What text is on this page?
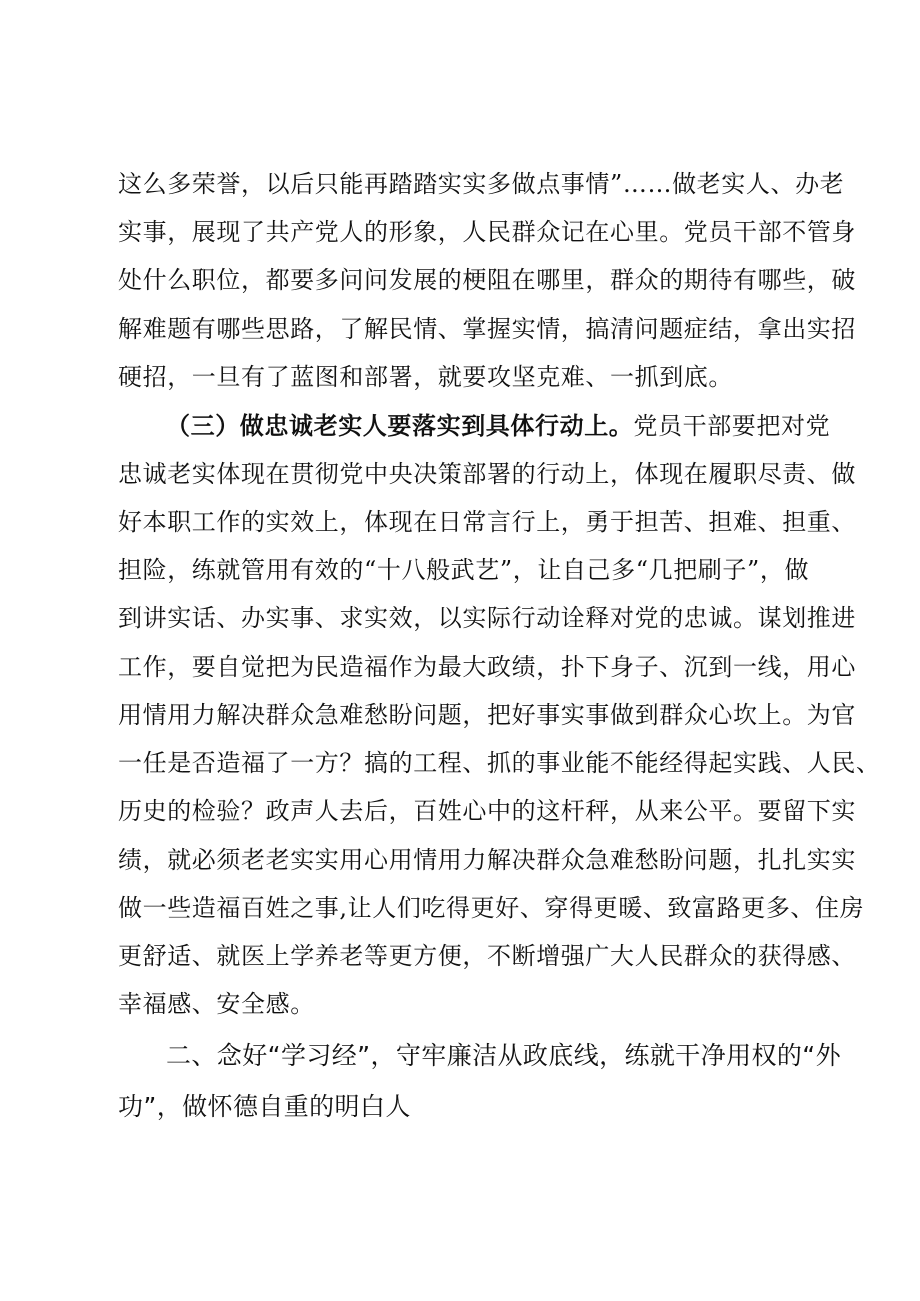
这么多荣誉，以后只能再踏踏实实多做点事情”……做老实人、办老
实事，展现了共产党人的形象，人民群众记在心里。党员干部不管身
处什么职位，都要多问问发展的梗阻在哪里，群众的期待有哪些，破
解难题有哪些思路，了解民情、掌握实情，搞清问题症结，拿出实招
硬招，一旦有了蓝图和部署，就要攻坚克难、一抓到底。
（三）做忠诚老实人要落实到具体行动上。党员干部要把对党
忠诚老实体现在贯彻党中央决策部署的行动上，体现在履职尽责、做
好本职工作的实效上，体现在日常言行上，勇于担苦、担难、担重、
担险，练就管用有效的“十八般武艺”，让自己多“几把刷子”，做
到讲实话、办实事、求实效，以实际行动诠释对党的忠诚。谋划推进
工作，要自觉把为民造福作为最大政绩，扑下身子、沉到一线，用心
用情用力解决群众急难愁盼问题，把好事实事做到群众心坎上。为官
一任是否造福了一方？搞的工程、抓的事业能不能经得起实践、人民、
历史的检验？政声人去后，百姓心中的这杆秤，从来公平。要留下实
绩，就必须老老实实用心用情用力解决群众急难愁盼问题，扎扎实实
做一些造福百姓之事,让人们吃得更好、穿得更暖、致富路更多、住房
更舒适、就医上学养老等更方便，不断增强广大人民群众的获得感、
幸福感、安全感。
二、念好“学习经”，守牢廉洁从政底线，练就干净用权的“外
功”，做怀德自重的明白人
